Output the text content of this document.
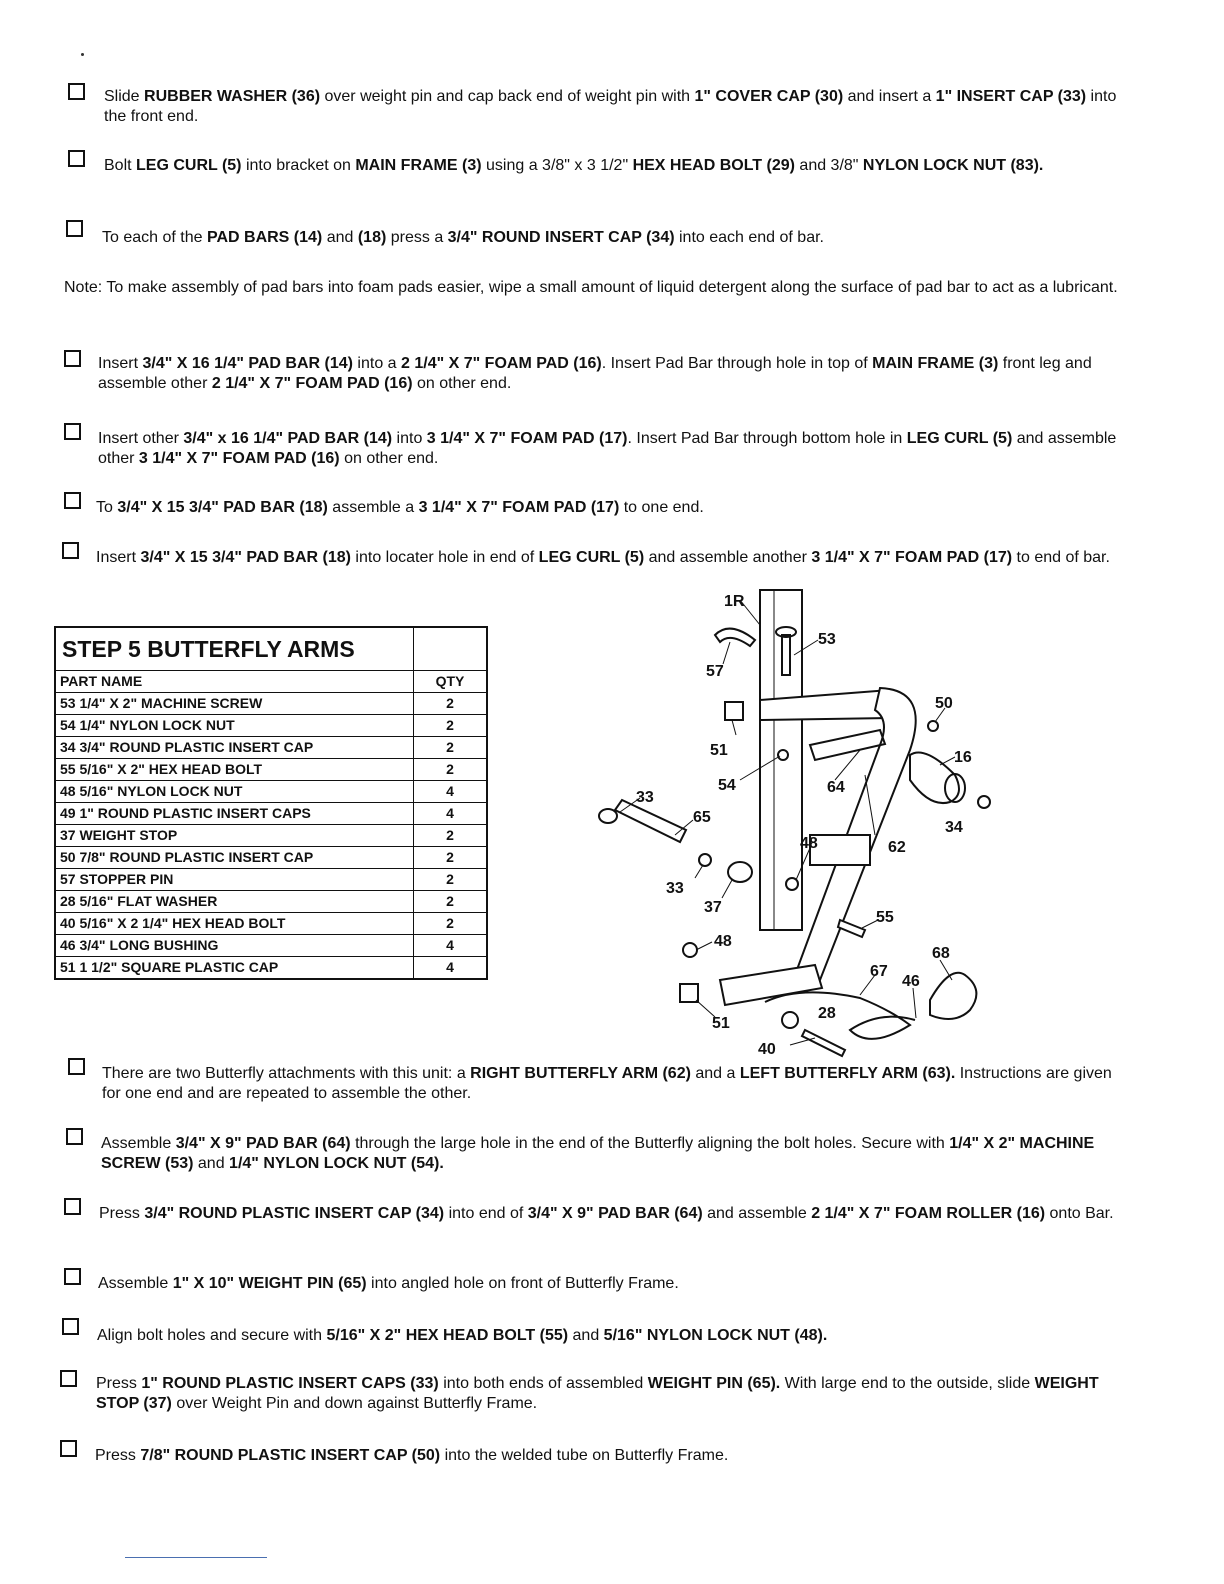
Slide RUBBER WASHER (36) over weight pin and cap back end of weight pin with 1" COVER CAP (30) and insert a 1" INSERT CAP (33) into the front end.
Bolt LEG CURL (5) into bracket on MAIN FRAME (3) using a 3/8" x 3 1/2" HEX HEAD BOLT (29) and 3/8" NYLON LOCK NUT (83).
To each of the PAD BARS (14) and (18) press a 3/4" ROUND INSERT CAP (34) into each end of bar.
Note: To make assembly of pad bars into foam pads easier, wipe a small amount of liquid detergent along the surface of pad bar to act as a lubricant.
Insert 3/4" X 16 1/4" PAD BAR (14) into a 2 1/4" X 7" FOAM PAD (16). Insert Pad Bar through hole in top of MAIN FRAME (3) front leg and assemble other 2 1/4" X 7" FOAM PAD (16) on other end.
Insert other 3/4" x 16 1/4" PAD BAR (14) into 3 1/4" X 7" FOAM PAD (17). Insert Pad Bar through bottom hole in LEG CURL (5) and assemble other 3 1/4" X 7" FOAM PAD (16) on other end.
To 3/4" X 15 3/4" PAD BAR (18) assemble a 3 1/4" X 7" FOAM PAD (17) to one end.
Insert 3/4" X 15 3/4" PAD BAR (18) into locater hole in end of LEG CURL (5) and assemble another 3 1/4" X 7" FOAM PAD (17) to end of bar.
STEP 5 BUTTERFLY ARMS	
PART NAME	QTY
53 1/4" X 2" MACHINE SCREW	2
54 1/4" NYLON LOCK NUT	2
34 3/4" ROUND PLASTIC INSERT CAP	2
55 5/16" X 2" HEX HEAD BOLT	2
48 5/16" NYLON LOCK NUT	4
49 1" ROUND PLASTIC INSERT CAPS	4
37 WEIGHT STOP	2
50 7/8" ROUND PLASTIC INSERT CAP	2
57 STOPPER PIN	2
28 5/16" FLAT WASHER	2
40 5/16" X 2 1/4" HEX HEAD BOLT	2
46 3/4" LONG BUSHING	4
51 1 1/2" SQUARE PLASTIC CAP	4
1R
53
57
50
51	16
54	64
33
65
34
48	62
33
37
55
48
68
67
46
28
51
40
There are two Butterfly attachments with this unit: a RIGHT BUTTERFLY ARM (62) and a LEFT BUTTERFLY ARM (63). Instructions are given for one end and are repeated to assemble the other.
Assemble 3/4" X 9" PAD BAR (64) through the large hole in the end of the Butterfly aligning the bolt holes. Secure with 1/4" X 2" MACHINE SCREW (53) and 1/4" NYLON LOCK NUT (54).
Press 3/4" ROUND PLASTIC INSERT CAP (34) into end of 3/4" X 9" PAD BAR (64) and assemble 2 1/4" X 7" FOAM ROLLER (16) onto Bar.
Assemble 1" X 10" WEIGHT PIN (65) into angled hole on front of Butterfly Frame.
Align bolt holes and secure with 5/16" X 2" HEX HEAD BOLT (55) and 5/16" NYLON LOCK NUT (48).
Press 1" ROUND PLASTIC INSERT CAPS (33) into both ends of assembled WEIGHT PIN (65). With large end to the outside, slide WEIGHT STOP (37) over Weight Pin and down against Butterfly Frame.
Press 7/8" ROUND PLASTIC INSERT CAP (50) into the welded tube on Butterfly Frame.
